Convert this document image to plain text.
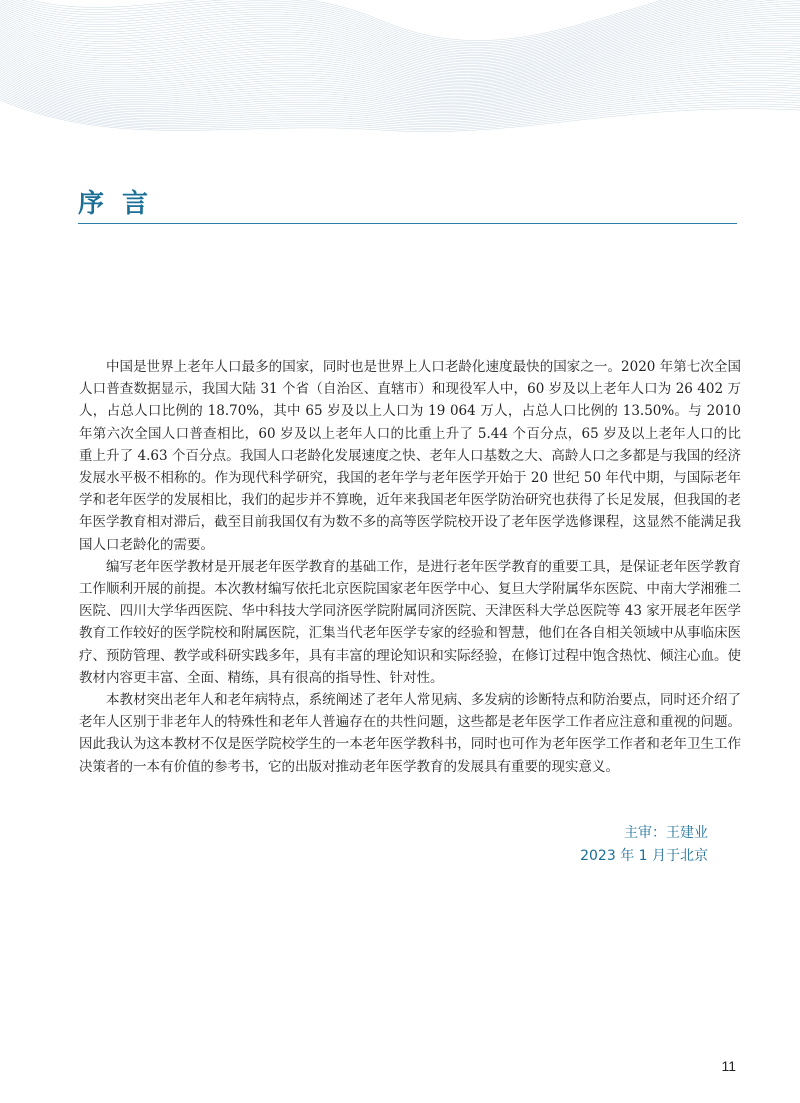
序言

中国是世界上老年人口最多的国家，同时也是世界上人口老龄化速度最快的国家之一。2020 年第七次全国人口普查数据显示，我国大陆 31 个省（自治区、直辖市）和现役军人中，60 岁及以上老年人口为 26 402 万人，占总人口比例的 18.70%，其中 65 岁及以上人口为 19 064 万人，占总人口比例的 13.50%。与 2010 年第六次全国人口普查相比，60 岁及以上老年人口的比重上升了 5.44 个百分点，65 岁及以上老年人口的比重上升了 4.63 个百分点。我国人口老龄化发展速度之快、老年人口基数之大、高龄人口之多都是与我国的经济发展水平极不相称的。作为现代科学研究，我国的老年学与老年医学开始于 20 世纪 50 年代中期，与国际老年学和老年医学的发展相比，我们的起步并不算晚，近年来我国老年医学防治研究也获得了长足发展，但我国的老年医学教育相对滞后，截至目前我国仅有为数不多的高等医学院校开设了老年医学选修课程，这显然不能满足我国人口老龄化的需要。

编写老年医学教材是开展老年医学教育的基础工作，是进行老年医学教育的重要工具，是保证老年医学教育工作顺利开展的前提。本次教材编写依托北京医院国家老年医学中心、复旦大学附属华东医院、中南大学湘雅二医院、四川大学华西医院、华中科技大学同济医学院附属同济医院、天津医科大学总医院等 43 家开展老年医学教育工作较好的医学院校和附属医院，汇集当代老年医学专家的经验和智慧，他们在各自相关领域中从事临床医疗、预防管理、教学或科研实践多年，具有丰富的理论知识和实际经验，在修订过程中饱含热忱、倾注心血。使教材内容更丰富、全面、精练，具有很高的指导性、针对性。

本教材突出老年人和老年病特点，系统阐述了老年人常见病、多发病的诊断特点和防治要点，同时还介绍了老年人区别于非老年人的特殊性和老年人普遍存在的共性问题，这些都是老年医学工作者应注意和重视的问题。因此我认为这本教材不仅是医学院校学生的一本老年医学教科书，同时也可作为老年医学工作者和老年卫生工作决策者的一本有价值的参考书，它的出版对推动老年医学教育的发展具有重要的现实意义。

主审：王建业
2023 年 1 月于北京
11
